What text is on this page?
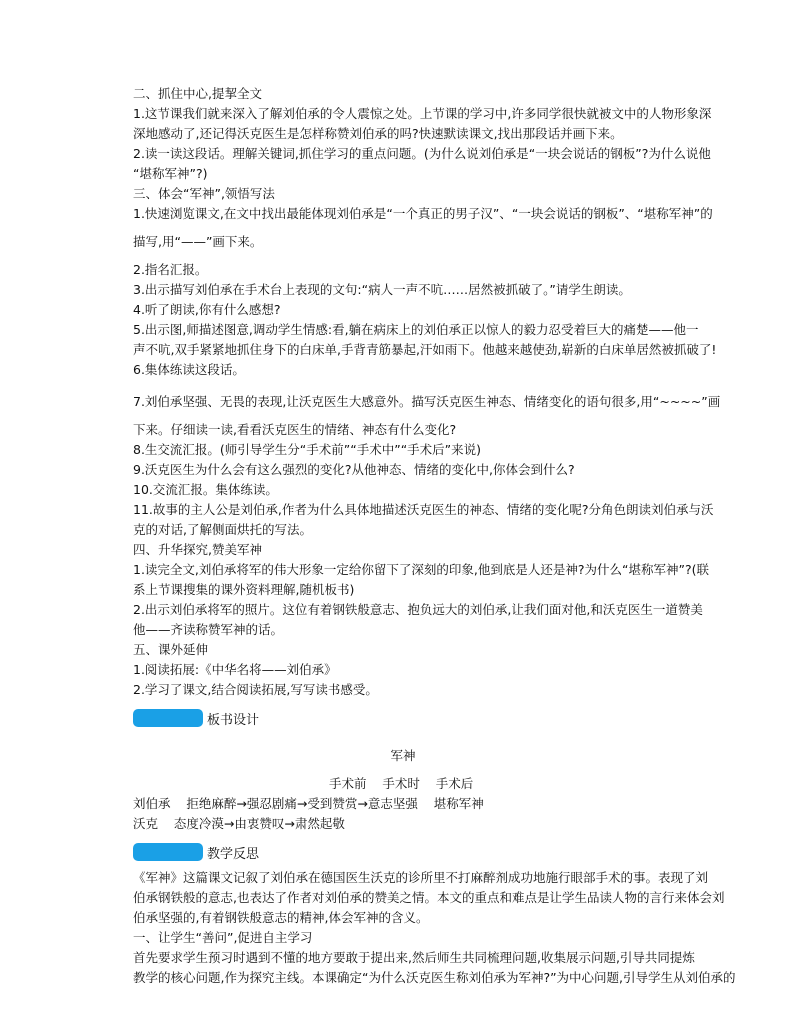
二、抓住中心,提挈全文
1.这节课我们就来深入了解刘伯承的令人震惊之处。上节课的学习中,许多同学很快就被文中的人物形象深
深地感动了,还记得沃克医生是怎样称赞刘伯承的吗?快速默读课文,找出那段话并画下来。
2.读一读这段话。理解关键词,抓住学习的重点问题。(为什么说刘伯承是“一块会说话的钢板”?为什么说他
“堪称军神”?)
三、体会“军神”,领悟写法
1.快速浏览课文,在文中找出最能体现刘伯承是“一个真正的男子汉”、“一块会说话的钢板”、“堪称军神”的
描写,用“——”画下来。
2.指名汇报。
3.出示描写刘伯承在手术台上表现的文句:“病人一声不吭……居然被抓破了。”请学生朗读。
4.听了朗读,你有什么感想?
5.出示图,师描述图意,调动学生情感:看,躺在病床上的刘伯承正以惊人的毅力忍受着巨大的痛楚——他一
声不吭,双手紧紧地抓住身下的白床单,手背青筋暴起,汗如雨下。他越来越使劲,崭新的白床单居然被抓破了!
6.集体练读这段话。
7.刘伯承坚强、无畏的表现,让沃克医生大感意外。描写沃克医生神态、情绪变化的语句很多,用“~~~~”画
下来。仔细读一读,看看沃克医生的情绪、神态有什么变化?
8.生交流汇报。(师引导学生分“手术前”“手术中”“手术后”来说)
9.沃克医生为什么会有这么强烈的变化?从他神态、情绪的变化中,你体会到什么?
10.交流汇报。集体练读。
11.故事的主人公是刘伯承,作者为什么具体地描述沃克医生的神态、情绪的变化呢?分角色朗读刘伯承与沃
克的对话,了解侧面烘托的写法。
四、升华探究,赞美军神
1.读完全文,刘伯承将军的伟大形象一定给你留下了深刻的印象,他到底是人还是神?为什么“堪称军神”?(联
系上节课搜集的课外资料理解,随机板书)
2.出示刘伯承将军的照片。这位有着钢铁般意志、抱负远大的刘伯承,让我们面对他,和沃克医生一道赞美
他——齐读称赞军神的话。
五、课外延伸
1.阅读拓展:《中华名将——刘伯承》
2.学习了课文,结合阅读拓展,写写读书感受。
板书设计
军神
手术前    手术时    手术后
刘伯承    拒绝麻醉→强忍剧痛→受到赞赏→意志坚强    堪称军神
沃克    态度冷漠→由衷赞叹→肃然起敬
教学反思
《军神》这篇课文记叙了刘伯承在德国医生沃克的诊所里不打麻醉剂成功地施行眼部手术的事。表现了刘
伯承钢铁般的意志,也表达了作者对刘伯承的赞美之情。本文的重点和难点是让学生品读人物的言行来体会刘
伯承坚强的,有着钢铁般意志的精神,体会军神的含义。
一、让学生“善问”,促进自主学习
首先要求学生预习时遇到不懂的地方要敢于提出来,然后师生共同梳理问题,收集展示问题,引导共同提炼
教学的核心问题,作为探究主线。本课确定“为什么沃克医生称刘伯承为军神?”为中心问题,引导学生从刘伯承的
